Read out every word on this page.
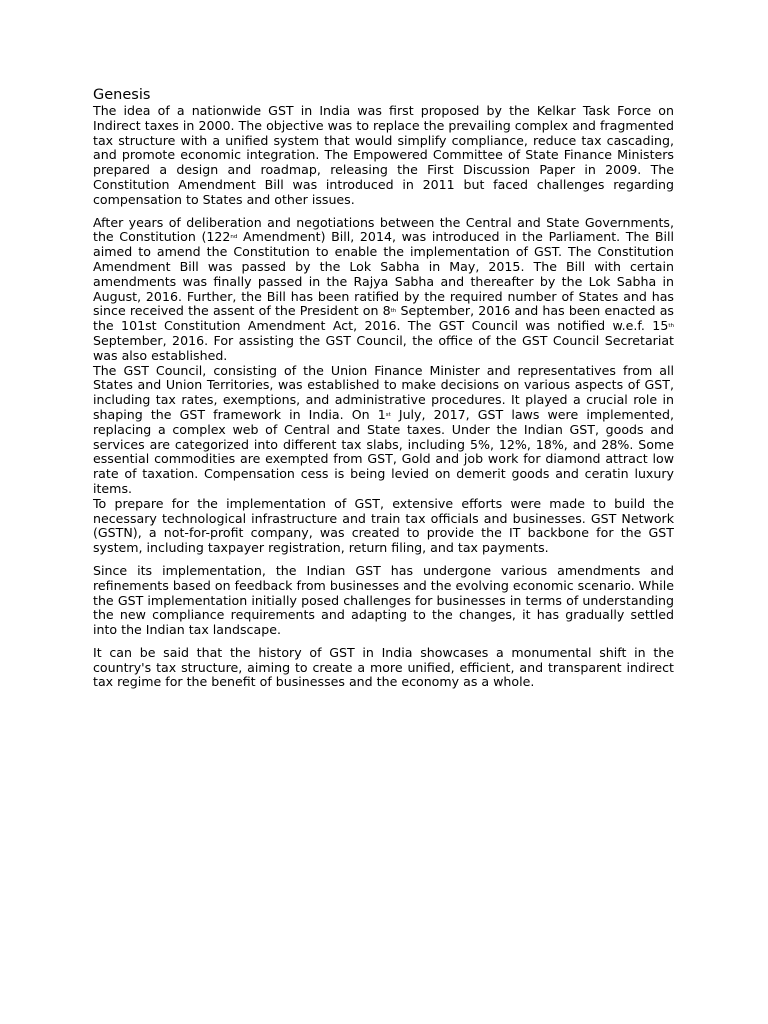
Genesis

The idea of a nationwide GST in India was first proposed by the Kelkar Task Force on Indirect taxes in 2000. The objective was to replace the prevailing complex and fragmented tax structure with a unified system that would simplify compliance, reduce tax cascading, and promote economic integration. The Empowered Committee of State Finance Ministers prepared a design and roadmap, releasing the First Discussion Paper in 2009. The Constitution Amendment Bill was introduced in 2011 but faced challenges regarding compensation to States and other issues.

After years of deliberation and negotiations between the Central and State Governments, the Constitution (122nd Amendment) Bill, 2014, was introduced in the Parliament. The Bill aimed to amend the Constitution to enable the implementation of GST. The Constitution Amendment Bill was passed by the Lok Sabha in May, 2015. The Bill with certain amendments was finally passed in the Rajya Sabha and thereafter by the Lok Sabha in August, 2016. Further, the Bill has been ratified by the required number of States and has since received the assent of the President on 8th September, 2016 and has been enacted as the 101st Constitution Amendment Act, 2016. The GST Council was notified w.e.f. 15th September, 2016. For assisting the GST Council, the office of the GST Council Secretariat was also established.

The GST Council, consisting of the Union Finance Minister and representatives from all States and Union Territories, was established to make decisions on various aspects of GST, including tax rates, exemptions, and administrative procedures. It played a crucial role in shaping the GST framework in India. On 1st July, 2017, GST laws were implemented, replacing a complex web of Central and State taxes. Under the Indian GST, goods and services are categorized into different tax slabs, including 5%, 12%, 18%, and 28%. Some essential commodities are exempted from GST, Gold and job work for diamond attract low rate of taxation. Compensation cess is being levied on demerit goods and ceratin luxury items.

To prepare for the implementation of GST, extensive efforts were made to build the necessary technological infrastructure and train tax officials and businesses. GST Network (GSTN), a not-for-profit company, was created to provide the IT backbone for the GST system, including taxpayer registration, return filing, and tax payments.

Since its implementation, the Indian GST has undergone various amendments and refinements based on feedback from businesses and the evolving economic scenario. While the GST implementation initially posed challenges for businesses in terms of understanding the new compliance requirements and adapting to the changes, it has gradually settled into the Indian tax landscape.

It can be said that the history of GST in India showcases a monumental shift in the country's tax structure, aiming to create a more unified, efficient, and transparent indirect tax regime for the benefit of businesses and the economy as a whole.
